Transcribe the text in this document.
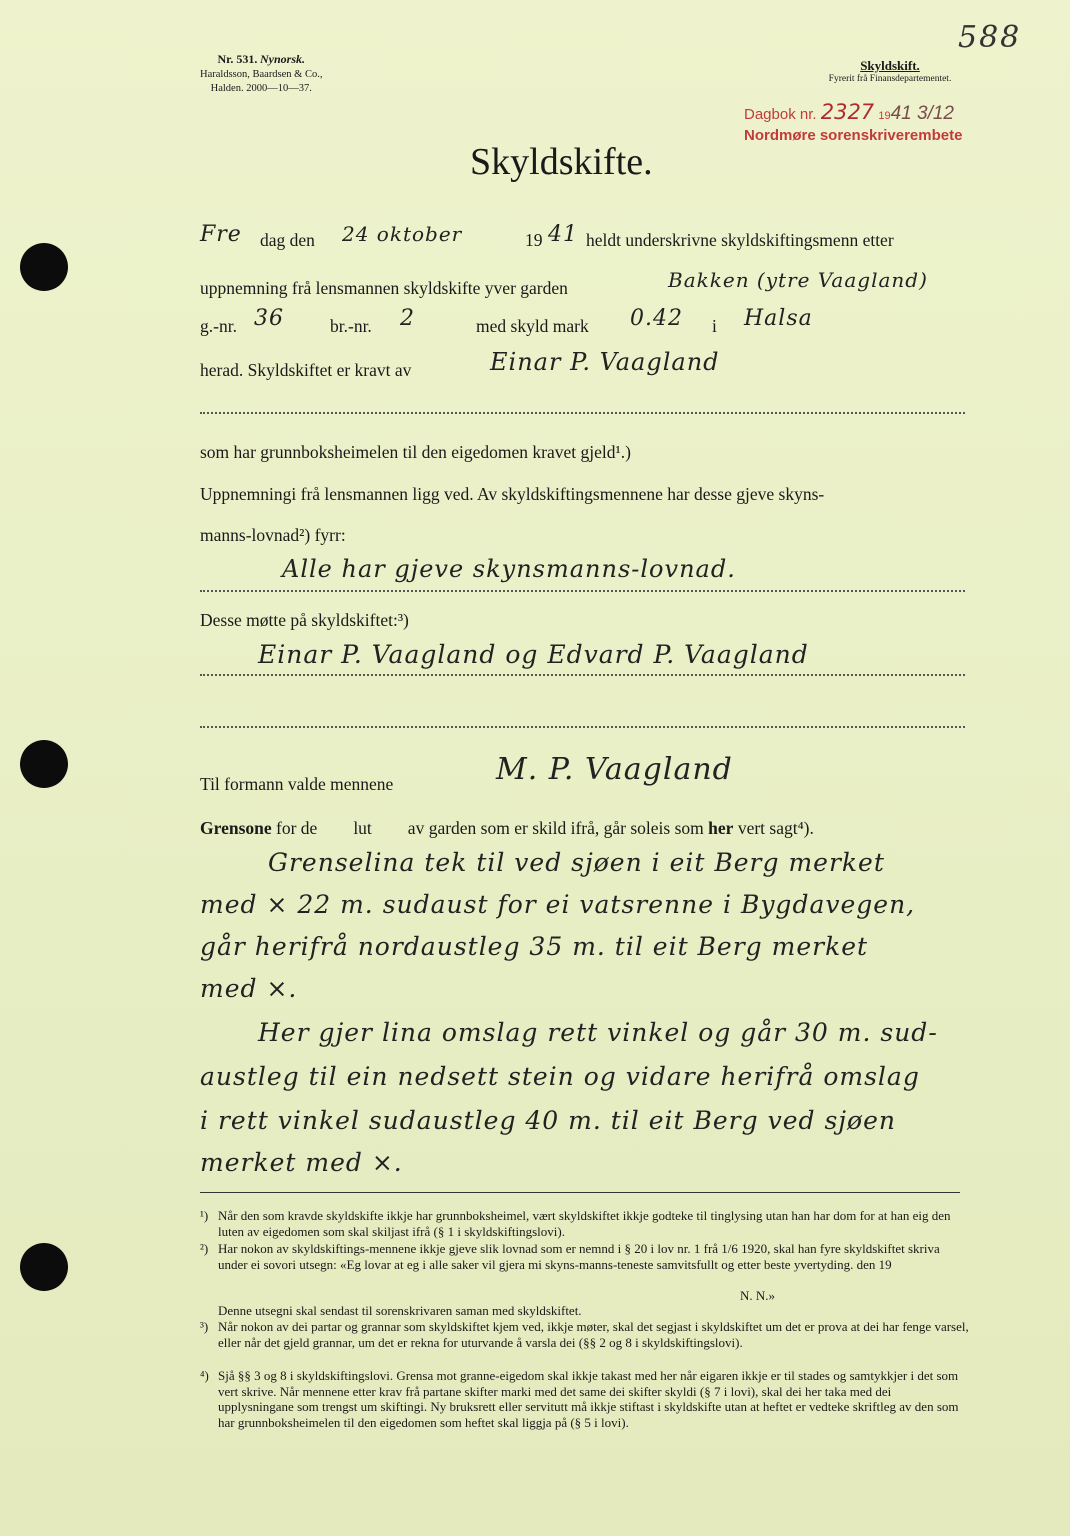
Nr. 531. Nynorsk.
Haraldsson, Baardsen & Co.,
Halden. 2000—10—37.
588
Skyldskift.
Fyrerit frå Finansdepartementet.
Dagbok nr. 2327 1941 3/12
Nordmøre sorenskriverembete
Skyldskifte.
Fre dag den 24 oktober	19 41 heldt underskrivne skyldskiftingsmenn etter
uppnemning frå lensmannen skyldskifte yver garden	Bakken (ytre Vaagland)
g.-nr. 36	br.-nr. 2	med skyld mark 0.42 i Halsa
herad. Skyldskiftet er kravt av	Einar P. Vaagland
som har grunnboksheimelen til den eigedomen kravet gjeld¹.)
Uppnemningi frå lensmannen ligg ved. Av skyldskiftingsmennene har desse gjeve skyns-
manns-lovnad²) fyrr:
Alle har gjeve skynsmanns-lovnad.
Desse møtte på skyldskiftet:³)
Einar P. Vaagland og Edvard P. Vaagland
Til formann valde mennene	M. P. Vaagland
Grensone for de lut av garden som er skild ifrå, går soleis som her vert sagt⁴).
Grenselina tek til ved sjøen i eit Berg merket
med × 22 m. sudaust for ei vatsrenne i Bygdavegen,
går herifrå nordaustleg 35 m. til eit Berg merket
med ×.
Her gjer lina omslag rett vinkel og går 30 m. sud-
austleg til ein nedsett stein og vidare herifrå omslag
i rett vinkel sudaustleg 40 m. til eit Berg ved sjøen
merket med ×.
¹) Når den som kravde skyldskifte ikkje har grunnboksheimel, vært skyldskiftet ikkje godteke til tinglysing utan han har dom for at han eig den luten av eigedomen som skal skiljast ifrå (§ 1 i skyldskiftingslovi).
²) Har nokon av skyldskiftings-mennene ikkje gjeve slik lovnad som er nemnd i § 20 i lov nr. 1 frå 1/6 1920, skal han fyre skyldskiftet skriva under ei sovori utsegn: «Eg lovar at eg i alle saker vil gjera mi skyns-manns-teneste samvitsfullt og etter beste yvertyding. den 19
N. N.»
Denne utsegni skal sendast til sorenskrivaren saman med skyldskiftet.
³) Når nokon av dei partar og grannar som skyldskiftet kjem ved, ikkje møter, skal det segjast i skyldskiftet um det er prova at dei har fenge varsel, eller når det gjeld grannar, um det er rekna for uturvande å varsla dei (§§ 2 og 8 i skyldskiftingslovi).
⁴) Sjå §§ 3 og 8 i skyldskiftingslovi. Grensa mot granne-eigedom skal ikkje takast med her når eigaren ikkje er til stades og samtykkjer i det som vert skrive. Når mennene etter krav frå partane skifter marki med det same dei skifter skyldi (§ 7 i lovi), skal dei her taka med dei upplysningane som trengst um skiftingi. Ny bruksrett eller servitutt må ikkje stiftast i skyldskifte utan at heftet er vedteke skriftleg av den som har grunnboksheimelen til den eigedomen som heftet skal liggja på (§ 5 i lovi).
